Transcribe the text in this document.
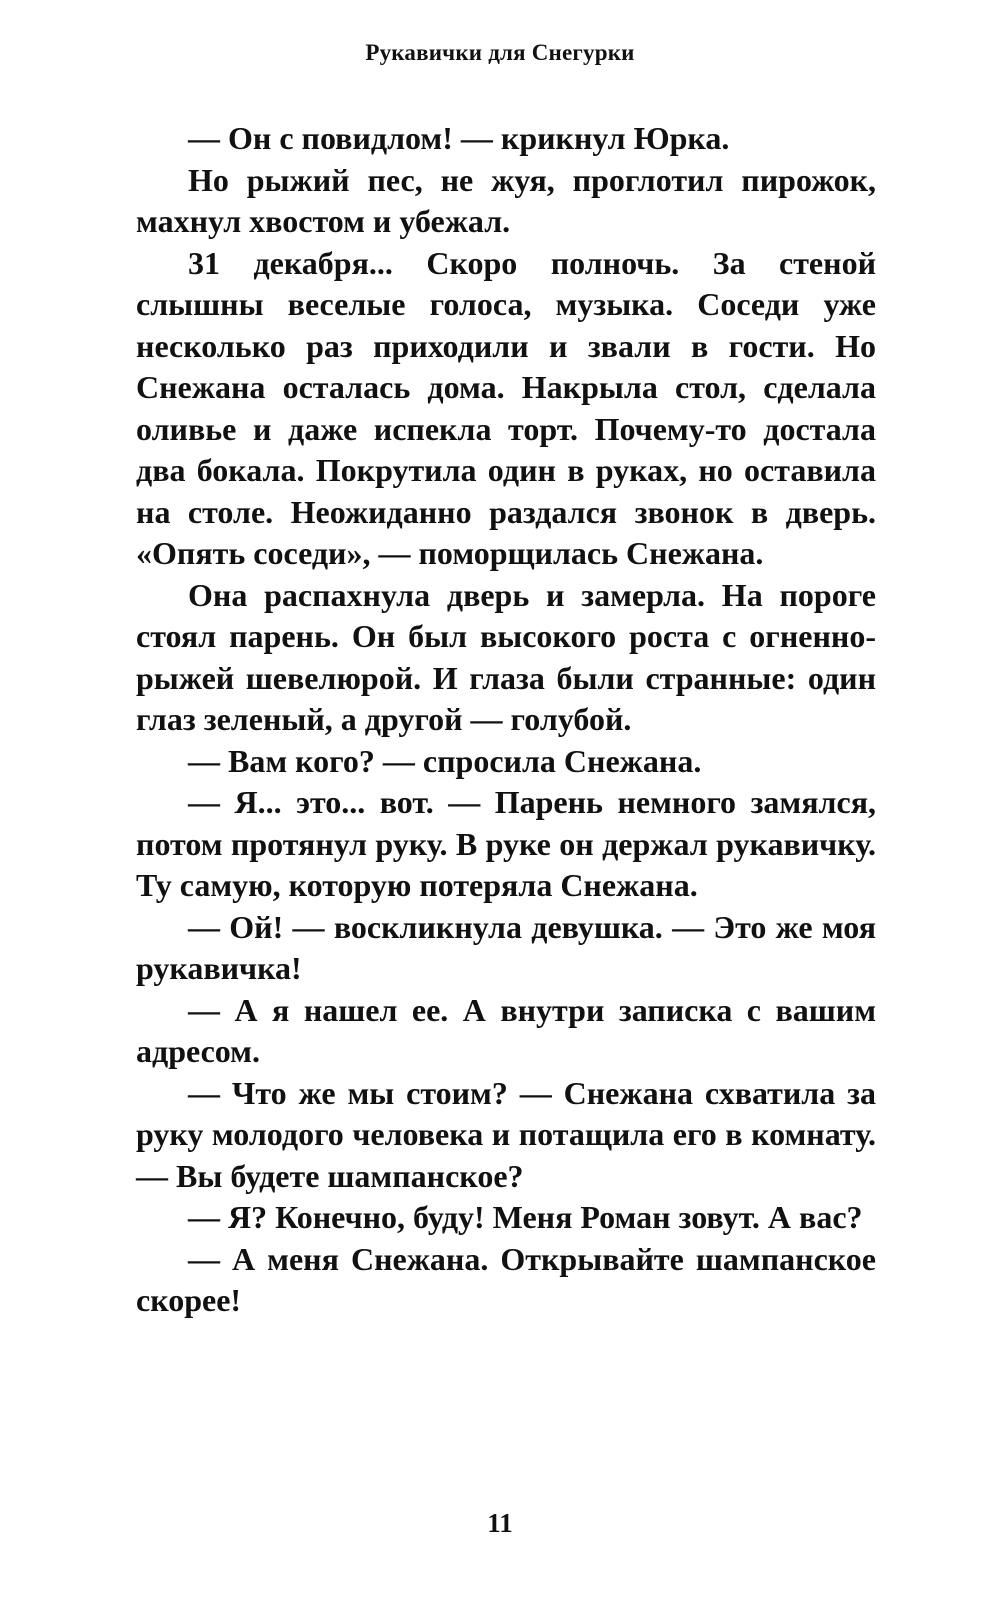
Рукавички для Снегурки

— Он с повидлом! — крикнул Юрка.

Но рыжий пес, не жуя, проглотил пирожок, махнул хвостом и убежал.

31 декабря... Скоро полночь. За стеной слышны веселые голоса, музыка. Соседи уже несколько раз приходили и звали в гости. Но Снежана осталась дома. Накрыла стол, сделала оливье и даже испекла торт. Почему-то достала два бокала. Покрутила один в руках, но оставила на столе. Неожиданно раздался звонок в дверь. «Опять соседи», — поморщилась Снежана.

Она распахнула дверь и замерла. На пороге стоял парень. Он был высокого роста с огненно-рыжей шевелюрой. И глаза были странные: один глаз зеленый, а другой — голубой.

— Вам кого? — спросила Снежана.

— Я... это... вот. — Парень немного замялся, потом протянул руку. В руке он держал рукавичку. Ту самую, которую потеряла Снежана.

— Ой! — воскликнула девушка. — Это же моя рукавичка!

— А я нашел ее. А внутри записка с вашим адресом.

— Что же мы стоим? — Снежана схватила за руку молодого человека и потащила его в комнату. — Вы будете шампанское?

— Я? Конечно, буду! Меня Роман зовут. А вас?

— А меня Снежана. Открывайте шампанское скорее!

11
